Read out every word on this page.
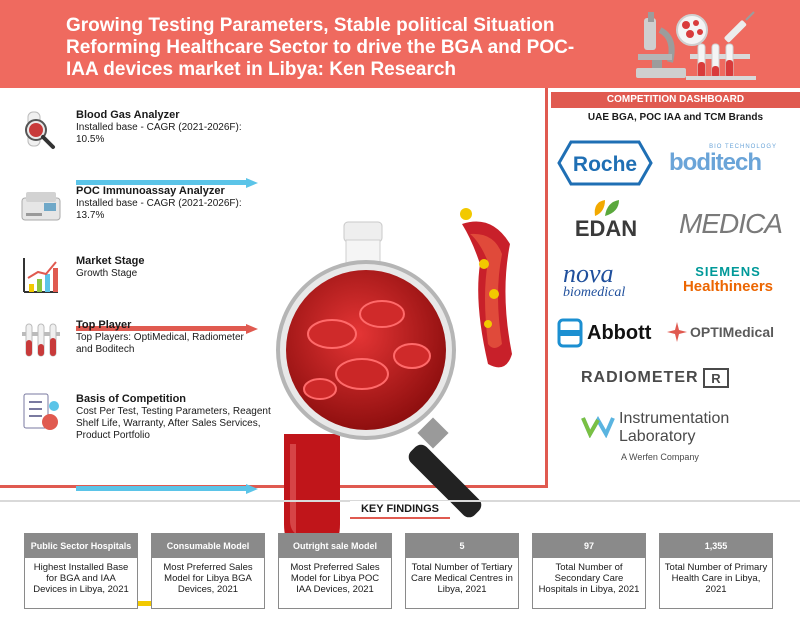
Growing Testing Parameters, Stable political Situation Reforming Healthcare Sector to drive the BGA and POC-IAA devices market in Libya: Ken Research
Blood Gas Analyzer
Installed base - CAGR (2021-2026F): 10.5%
POC Immunoassay Analyzer
Installed base - CAGR (2021-2026F): 13.7%
Market Stage
Growth Stage
Top Player
Top Players: OptiMedical, Radiometer and Boditech
Basis of Competition
Cost Per Test, Testing Parameters, Reagent Shelf Life, Warranty, After Sales Services, Product Portfolio
COMPETITION DASHBOARD
UAE BGA, POC IAA and TCM Brands
Roche
BIO TECHNOLOGY
boditech
EDAN	MEDICA
nova
biomedical
SIEMENS
Healthineers
Abbott	OPTIMedical
RADIOMETER R
Instrumentation
Laboratory
A Werfen Company
KEY FINDINGS
Public Sector Hospitals
Highest Installed Base for BGA and IAA Devices in Libya, 2021
Consumable Model
Most Preferred Sales Model for Libya BGA Devices, 2021
Outright sale Model
Most Preferred Sales Model for Libya POC IAA Devices, 2021
5
Total Number of Tertiary Care Medical Centres in Libya, 2021
97
Total Number of Secondary Care Hospitals in Libya, 2021
1,355
Total Number of Primary Health Care in Libya, 2021
